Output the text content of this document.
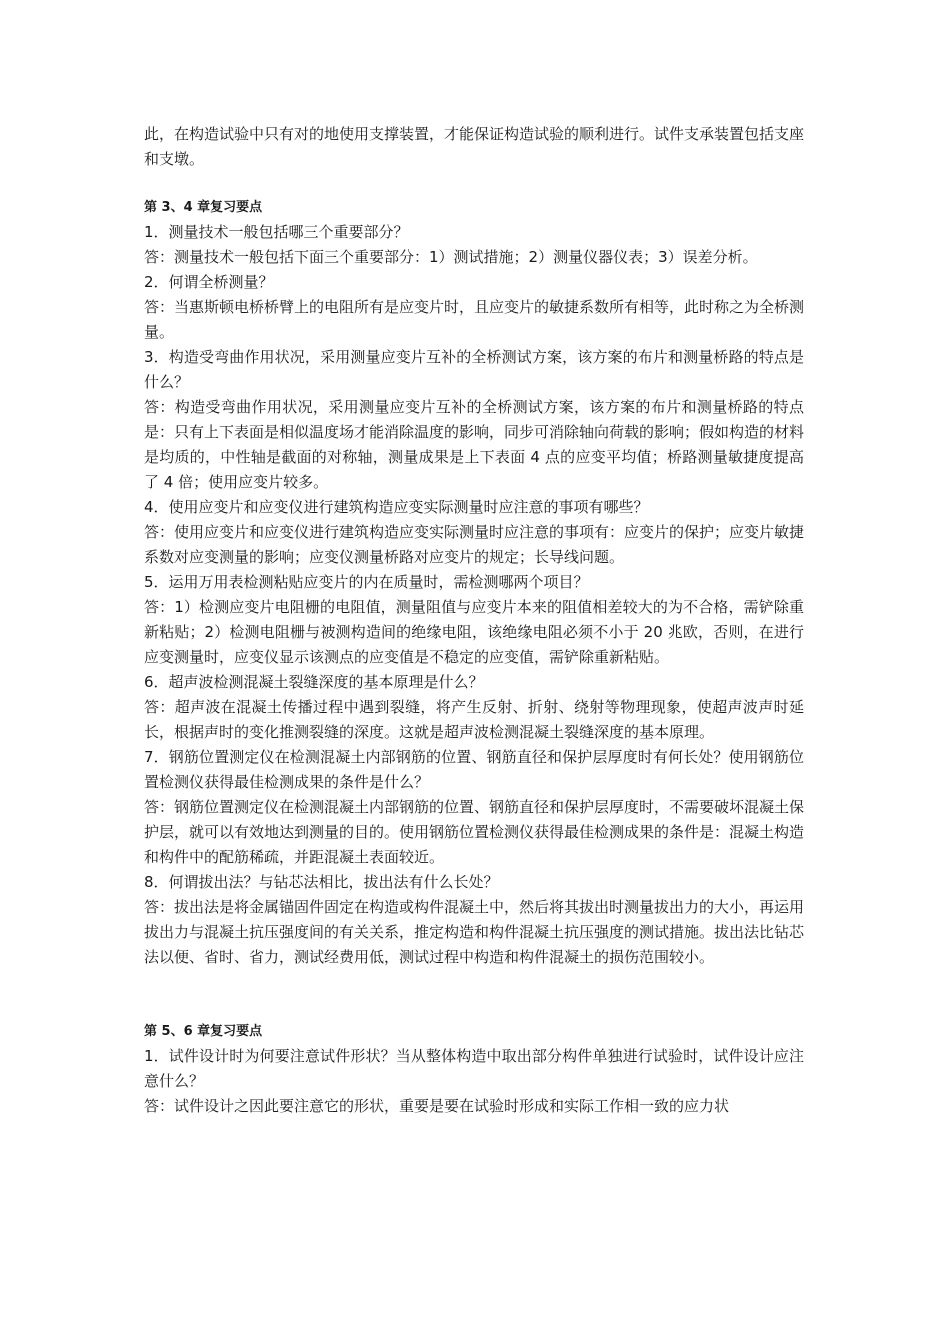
此，在构造试验中只有对的地使用支撑装置，才能保证构造试验的顺利进行。试件支承装置包括支座和支墩。

第 3、4 章复习要点

1．测量技术一般包括哪三个重要部分？

答：测量技术一般包括下面三个重要部分：1）测试措施；2）测量仪器仪表；3）误差分析。

2．何谓全桥测量？

答：当惠斯顿电桥桥臂上的电阻所有是应变片时，且应变片的敏捷系数所有相等，此时称之为全桥测量。

3．构造受弯曲作用状况，采用测量应变片互补的全桥测试方案，该方案的布片和测量桥路的特点是什么？

答：构造受弯曲作用状况，采用测量应变片互补的全桥测试方案，该方案的布片和测量桥路的特点是：只有上下表面是相似温度场才能消除温度的影响，同步可消除轴向荷载的影响；假如构造的材料是均质的，中性轴是截面的对称轴，测量成果是上下表面 4 点的应变平均值；桥路测量敏捷度提高了 4 倍；使用应变片较多。

4．使用应变片和应变仪进行建筑构造应变实际测量时应注意的事项有哪些？

答：使用应变片和应变仪进行建筑构造应变实际测量时应注意的事项有：应变片的保护；应变片敏捷系数对应变测量的影响；应变仪测量桥路对应变片的规定；长导线问题。

5．运用万用表检测粘贴应变片的内在质量时，需检测哪两个项目？

答：1）检测应变片电阻栅的电阻值，测量阻值与应变片本来的阻值相差较大的为不合格，需铲除重新粘贴；2）检测电阻栅与被测构造间的绝缘电阻，该绝缘电阻必须不小于 20 兆欧，否则，在进行应变测量时，应变仪显示该测点的应变值是不稳定的应变值，需铲除重新粘贴。

6．超声波检测混凝土裂缝深度的基本原理是什么？

答：超声波在混凝土传播过程中遇到裂缝，将产生反射、折射、绕射等物理现象，使超声波声时延长，根据声时的变化推测裂缝的深度。这就是超声波检测混凝土裂缝深度的基本原理。

7．钢筋位置测定仪在检测混凝土内部钢筋的位置、钢筋直径和保护层厚度时有何长处？使用钢筋位置检测仪获得最佳检测成果的条件是什么？

答：钢筋位置测定仪在检测混凝土内部钢筋的位置、钢筋直径和保护层厚度时，不需要破坏混凝土保护层，就可以有效地达到测量的目的。使用钢筋位置检测仪获得最佳检测成果的条件是：混凝土构造和构件中的配筋稀疏，并距混凝土表面较近。

8．何谓拔出法？与钻芯法相比，拔出法有什么长处？

答：拔出法是将金属锚固件固定在构造或构件混凝土中，然后将其拔出时测量拔出力的大小，再运用拔出力与混凝土抗压强度间的有关关系，推定构造和构件混凝土抗压强度的测试措施。拔出法比钻芯法以便、省时、省力，测试经费用低，测试过程中构造和构件混凝土的损伤范围较小。

第 5、6 章复习要点

1．试件设计时为何要注意试件形状？当从整体构造中取出部分构件单独进行试验时，试件设计应注意什么？

答：试件设计之因此要注意它的形状，重要是要在试验时形成和实际工作相一致的应力状
